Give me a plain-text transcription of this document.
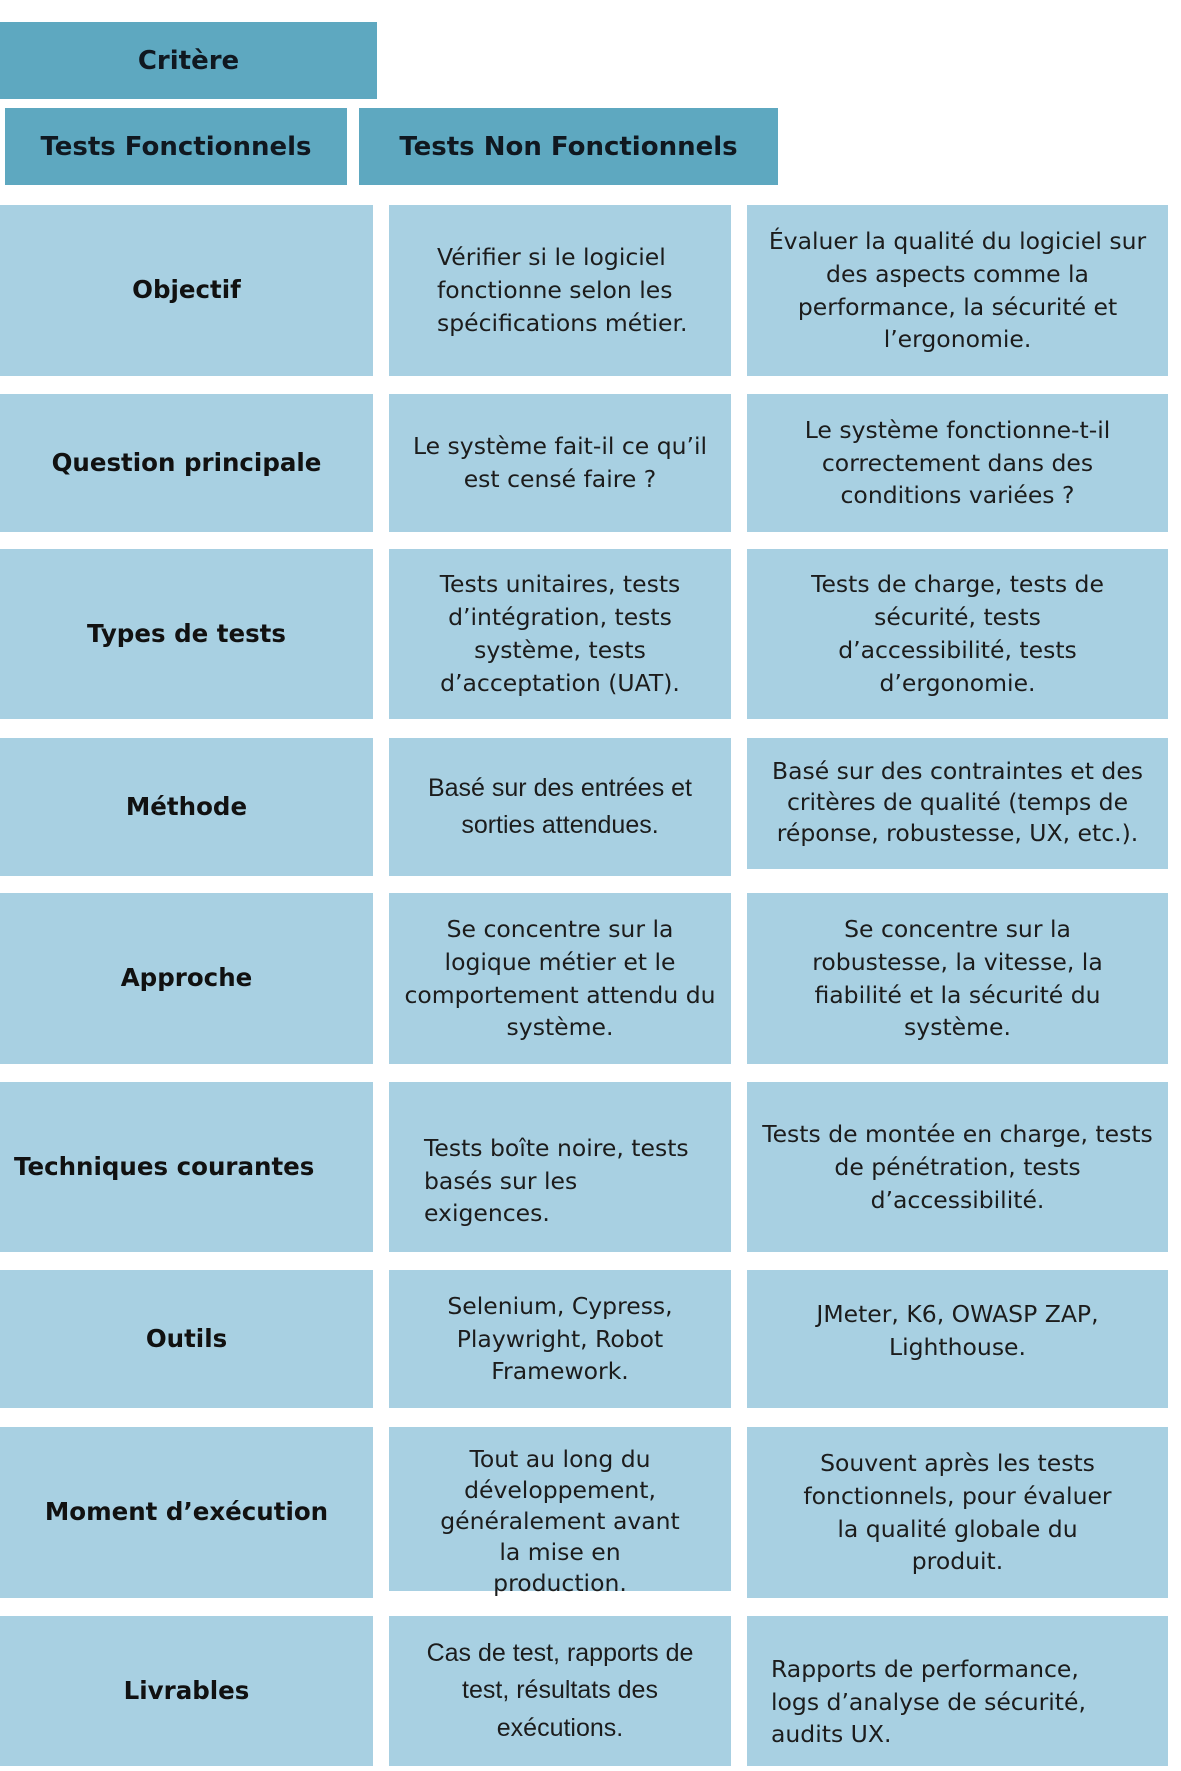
Critère
Tests Fonctionnels	Tests Non Fonctionnels
Objectif
Vérifier si le logiciel fonctionne selon les spécifications métier.
Évaluer la qualité du logiciel sur des aspects comme la performance, la sécurité et l’ergonomie.
Question principale
Le système fait-il ce qu’il est censé faire ?
Le système fonctionne-t-il correctement dans des conditions variées ?
Types de tests
Tests unitaires, tests d’intégration, tests système, tests d’acceptation (UAT).
Tests de charge, tests de sécurité, tests d’accessibilité, tests d’ergonomie.
Méthode
Basé sur des entrées et sorties attendues.
Basé sur des contraintes et des critères de qualité (temps de réponse, robustesse, UX, etc.).
Approche
Se concentre sur la logique métier et le comportement attendu du système.
Se concentre sur la robustesse, la vitesse, la fiabilité et la sécurité du système.
Techniques courantes
Tests boîte noire, tests basés sur les exigences.
Tests de montée en charge, tests de pénétration, tests d’accessibilité.
Outils
Selenium, Cypress, Playwright, Robot Framework.
JMeter, K6, OWASP ZAP, Lighthouse.
Moment d’exécution
Tout au long du développement, généralement avant la mise en production.
Souvent après les tests fonctionnels, pour évaluer la qualité globale du produit.
Livrables
Cas de test, rapports de test, résultats des exécutions.
Rapports de performance, logs d’analyse de sécurité, audits UX.
